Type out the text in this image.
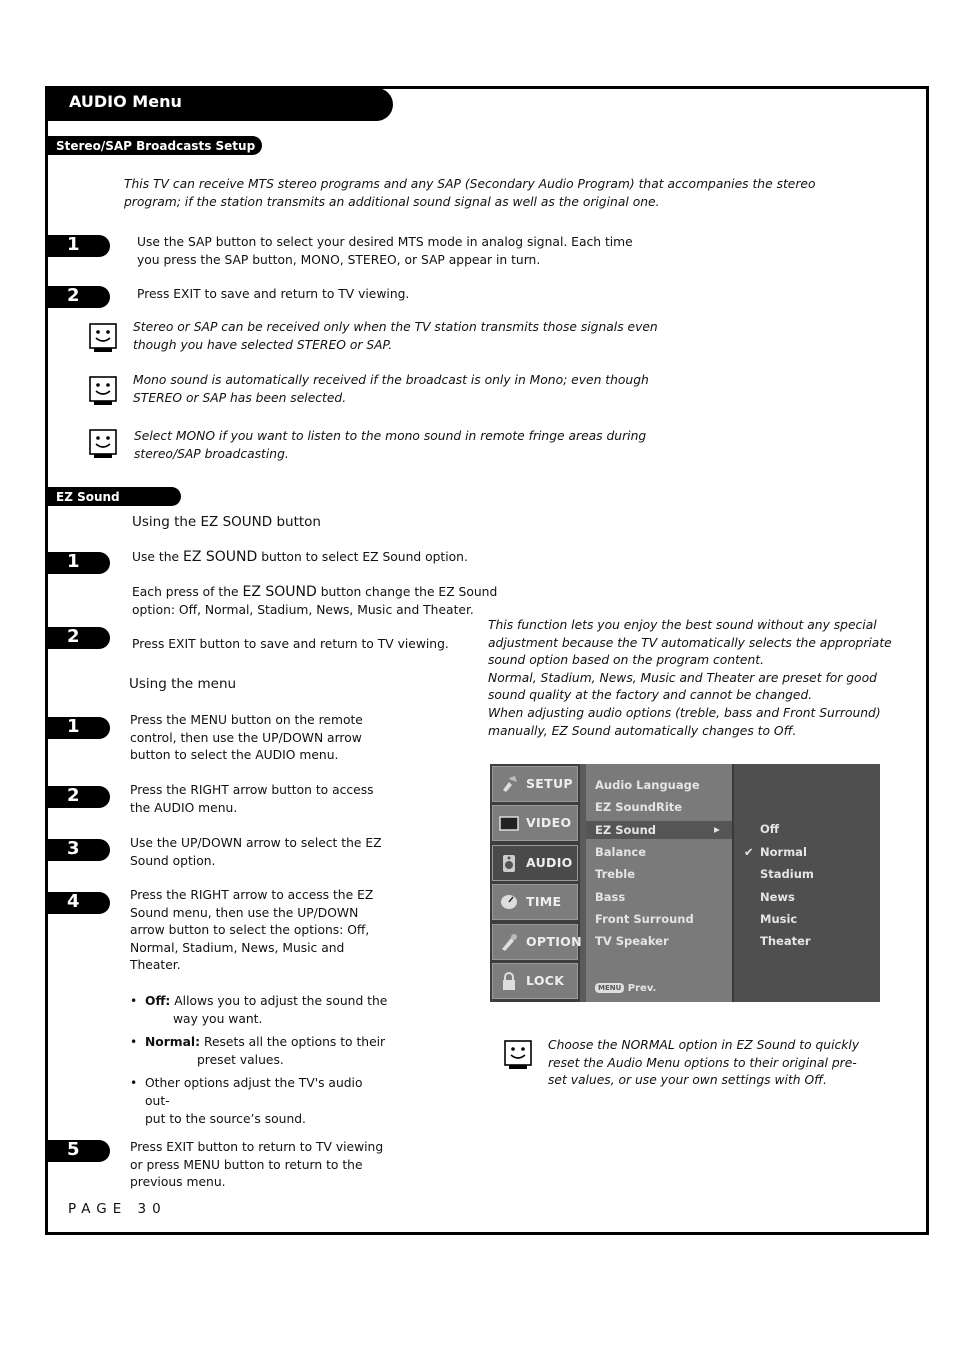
AUDIO Menu
Stereo/SAP Broadcasts Setup
This TV can receive MTS stereo programs and any SAP (Secondary Audio Program) that accompanies the stereo
program; if the station transmits an additional sound signal as well as the original one.
1	Use the SAP button to select your desired MTS mode in analog signal. Each time
you press the SAP button, MONO, STEREO, or SAP appear in turn.
2	Press EXIT to save and return to TV viewing.
Stereo or SAP can be received only when the TV station transmits those signals even
though you have selected STEREO or SAP.
Mono sound is automatically received if the broadcast is only in Mono; even though
STEREO or SAP has been selected.
Select MONO if you want to listen to the mono sound in remote fringe areas during
stereo/SAP broadcasting.
EZ Sound
Using the EZ SOUND button
1	Use the EZ SOUND button to select EZ Sound option.
Each press of the EZ SOUND button change the EZ Sound
option: Off, Normal, Stadium, News, Music and Theater.
2	Press EXIT button to save and return to TV viewing.
Using the menu
1	Press the MENU button on the remote
control, then use the UP/DOWN arrow
button to select the AUDIO menu.
2	Press the RIGHT arrow button to access
the AUDIO menu.
3	Use the UP/DOWN arrow to select the EZ
Sound option.
4	Press the RIGHT arrow to access the EZ
Sound menu, then use the UP/DOWN
arrow button to select the options: Off,
Normal, Stadium, News, Music and
Theater.
• Off: Allows you to adjust the sound the
way you want.
• Normal: Resets all the options to their
preset values.
• Other options adjust the TV's audio out-
put to the source’s sound.
5	Press EXIT button to return to TV viewing
or press MENU button to return to the
previous menu.
This function lets you enjoy the best sound without any special
adjustment because the TV automatically selects the appropriate
sound option based on the program content.
Normal, Stadium, News, Music and Theater are preset for good
sound quality at the factory and cannot be changed.
When adjusting audio options (treble, bass and Front Surround)
manually, EZ Sound automatically changes to Off.
SETUP
VIDEO
AUDIO
TIME
OPTION
LOCK
Audio Language
EZ SoundRite
EZ Sound	▸
Balance
Treble
Bass
Front Surround
TV Speaker
MENU Prev.
Off
✔ Normal
Stadium
News
Music
Theater
Choose the NORMAL option in EZ Sound to quickly
reset the Audio Menu options to their original pre-
set values, or use your own settings with Off.
PAGE 30
